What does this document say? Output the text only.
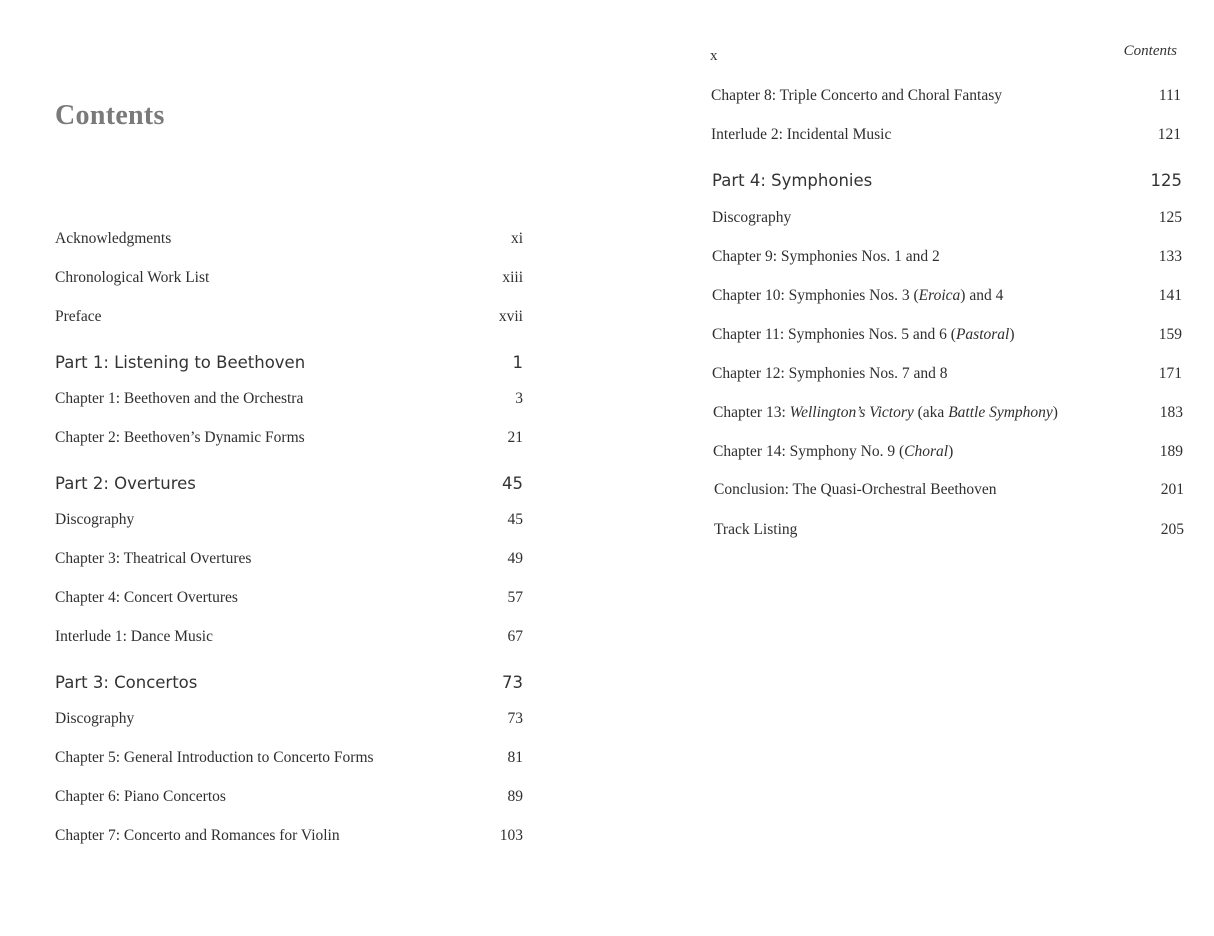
Contents
Acknowledgments	xi
Chronological Work List	xiii
Preface	xvii
Part 1: Listening to Beethoven	1
Chapter 1: Beethoven and the Orchestra	3
Chapter 2: Beethoven’s Dynamic Forms	21
Part 2: Overtures	45
Discography	45
Chapter 3: Theatrical Overtures	49
Chapter 4: Concert Overtures	57
Interlude 1: Dance Music	67
Part 3: Concertos	73
Discography	73
Chapter 5: General Introduction to Concerto Forms	81
Chapter 6: Piano Concertos	89
Chapter 7: Concerto and Romances for Violin	103
x	Contents
Chapter 8: Triple Concerto and Choral Fantasy	111
Interlude 2: Incidental Music	121
Part 4: Symphonies	125
Discography	125
Chapter 9: Symphonies Nos. 1 and 2	133
Chapter 10: Symphonies Nos. 3 (Eroica) and 4	141
Chapter 11: Symphonies Nos. 5 and 6 (Pastoral)	159
Chapter 12: Symphonies Nos. 7 and 8	171
Chapter 13: Wellington’s Victory (aka Battle Symphony)	183
Chapter 14: Symphony No. 9 (Choral)	189
Conclusion: The Quasi-Orchestral Beethoven	201
Track Listing	205
